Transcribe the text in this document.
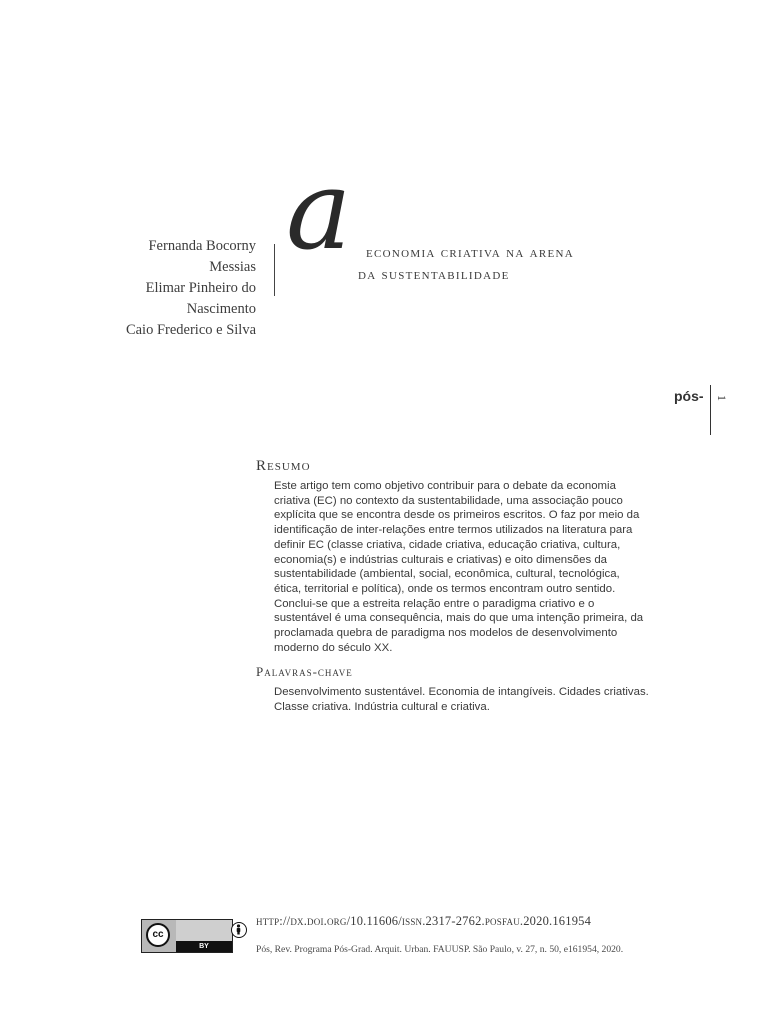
Fernanda Bocorny
Messias
Elimar Pinheiro do
Nascimento
Caio Frederico e Silva
a economia criativa na arena
da sustentabilidade
pós- 1
Resumo

Este artigo tem como objetivo contribuir para o debate da economia criativa (EC) no contexto da sustentabilidade, uma associação pouco explícita que se encontra desde os primeiros escritos. O faz por meio da identificação de inter-relações entre termos utilizados na literatura para definir EC (classe criativa, cidade criativa, educação criativa, cultura, economia(s) e indústrias culturais e criativas) e oito dimensões da sustentabilidade (ambiental, social, econômica, cultural, tecnológica, ética, territorial e política), onde os termos encontram outro sentido. Conclui-se que a estreita relação entre o paradigma criativo e o sustentável é uma consequência, mais do que uma intenção primeira, da proclamada quebra de paradigma nos modelos de desenvolvimento moderno do século XX.

Palavras-chave

Desenvolvimento sustentável. Economia de intangíveis. Cidades criativas. Classe criativa. Indústria cultural e criativa.

cc
BY
http://dx.doi.org/10.11606/issn.2317-2762.posfau.2020.161954
Pós, Rev. Programa Pós-Grad. Arquit. Urban. FAUUSP. São Paulo, v. 27, n. 50, e161954, 2020.
